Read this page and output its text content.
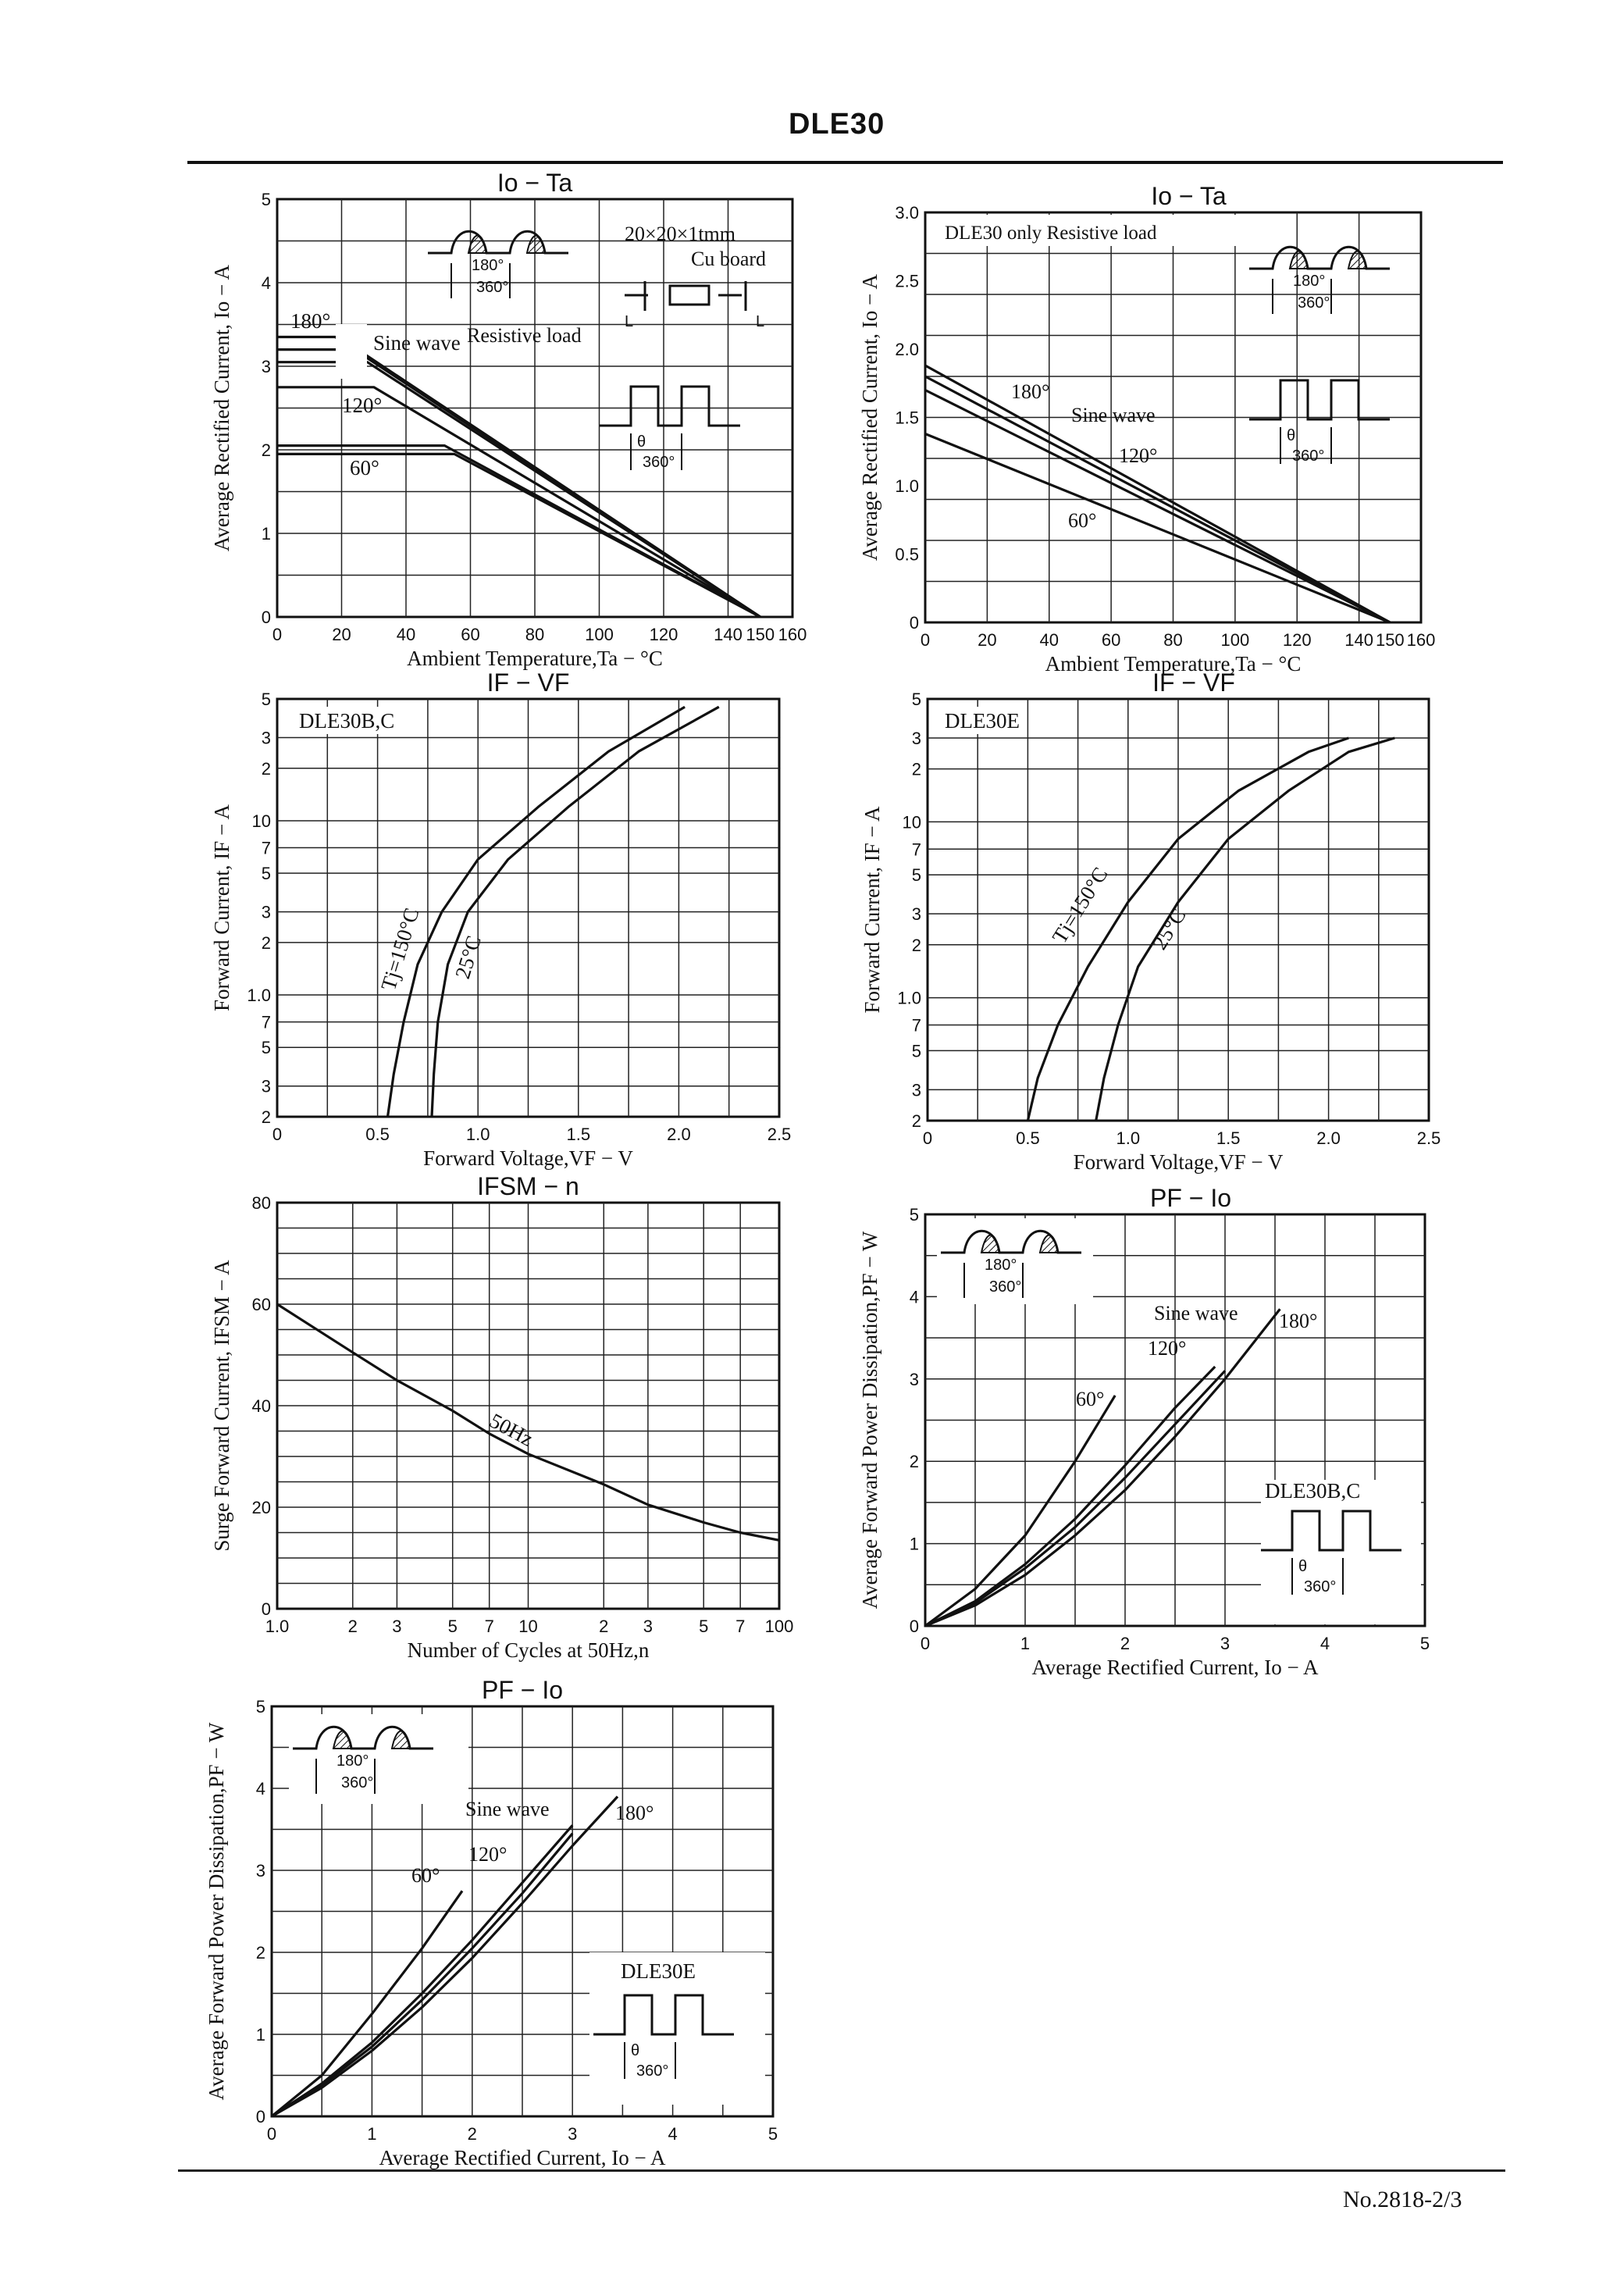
DLE30
Io − Ta
0	20	40	60	80 100 120 140 150 160
0
1
2
3
4
5
Ambient Temperature,Ta − °C
Average Rectified Current, Io − A
Io − Ta
0	20 40 60 80 100 120 140 150 160
0
0.5
1.0
1.5
2.0
2.5
3.0
Ambient Temperature,Ta − °C
Average Rectified Current, Io − A
IF − VF
0	0.5	1.0	1.5	2.0	2.5
2
3
5
7
1.0
2
3
5
7
10
2
3
5
Forward Voltage,VF − V
Forward Current, IF − A
IF − VF
0	0.5	1.0	1.5	2.0	2.5
2
3
5
7
1.0
2
3
5
7
10
2
3
5
Forward Voltage,VF − V
Forward Current, IF − A
IFSM − n
1.0	2 3	5 7 10	2 3	5 7 100
0
20
40
60
80
Number of Cycles at 50Hz,n
Surge Forward Current, IFSM − A
PF − Io
0	1	2	3	4	5
0
1
2
3
4
5
Average Rectified Current, Io − A
Average Forward Power Dissipation,PF − W
PF − Io
0	1	2	3	4	5
0
1
2
3
4
5
Average Rectified Current, Io − A
Average Forward Power Dissipation,PF − W
20×20×1tmm
Cu board
Resistive load
L	L
Sine wave
180°
120°
60°
180°
360°
θ
360°
DLE30 only Resistive load
Sine wave
180°
120°
60°
180°
360°
θ
360°
DLE30B,C
Tj=150°C 25°C
DLE30E
Tj=150°C 25°C
50Hz
180°
360°
DLE30B,C
θ
360°
Sine wave 180°
120°
60°
180°
360°
DLE30E
θ
360°
Sine wave	180°
120°
60°
No.2818-2/3
